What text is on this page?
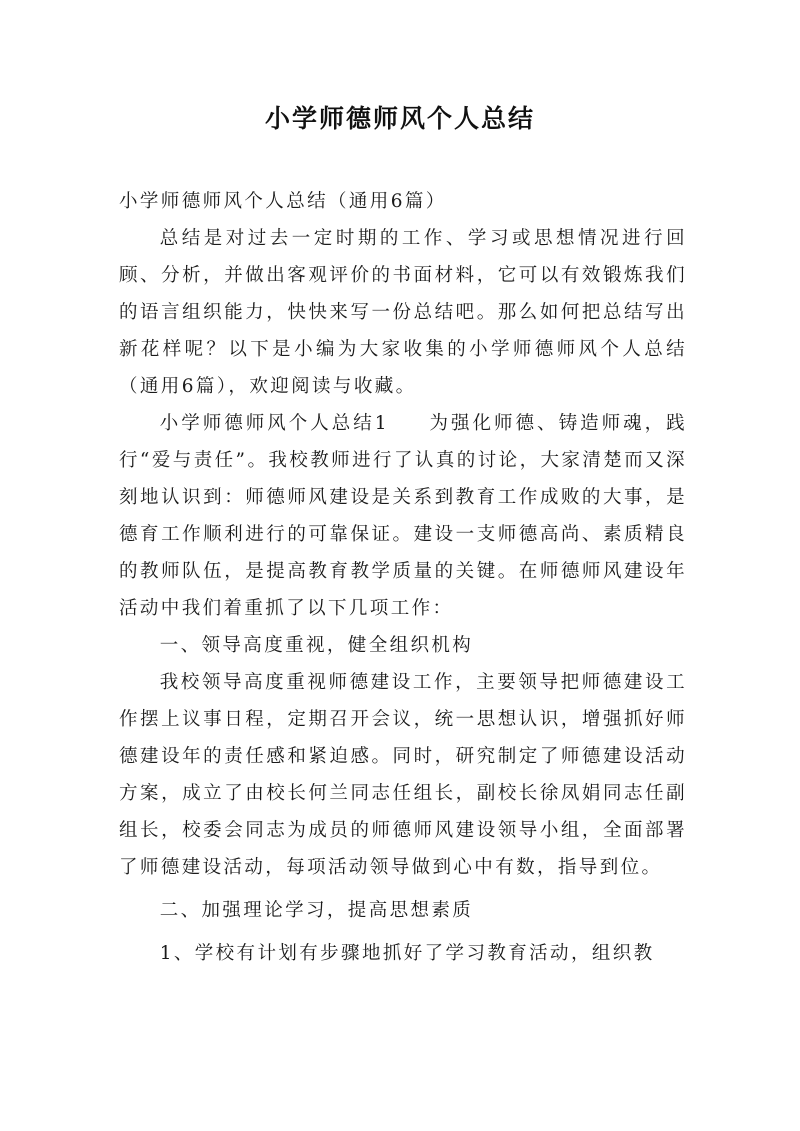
小学师德师风个人总结

小学师德师风个人总结（通用6篇）

总结是对过去一定时期的工作、学习或思想情况进行回顾、分析，并做出客观评价的书面材料，它可以有效锻炼我们的语言组织能力，快快来写一份总结吧。那么如何把总结写出新花样呢？以下是小编为大家收集的小学师德师风个人总结（通用6篇），欢迎阅读与收藏。

小学师德师风个人总结1 为强化师德、铸造师魂，践行“爱与责任”。我校教师进行了认真的讨论，大家清楚而又深刻地认识到：师德师风建设是关系到教育工作成败的大事，是德育工作顺利进行的可靠保证。建设一支师德高尚、素质精良的教师队伍，是提高教育教学质量的关键。在师德师风建设年活动中我们着重抓了以下几项工作：

一、领导高度重视，健全组织机构

我校领导高度重视师德建设工作，主要领导把师德建设工作摆上议事日程，定期召开会议，统一思想认识，增强抓好师德建设年的责任感和紧迫感。同时，研究制定了师德建设活动方案，成立了由校长何兰同志任组长，副校长徐凤娟同志任副组长，校委会同志为成员的师德师风建设领导小组，全面部署了师德建设活动，每项活动领导做到心中有数，指导到位。

二、加强理论学习，提高思想素质

1、学校有计划有步骤地抓好了学习教育活动，组织教
